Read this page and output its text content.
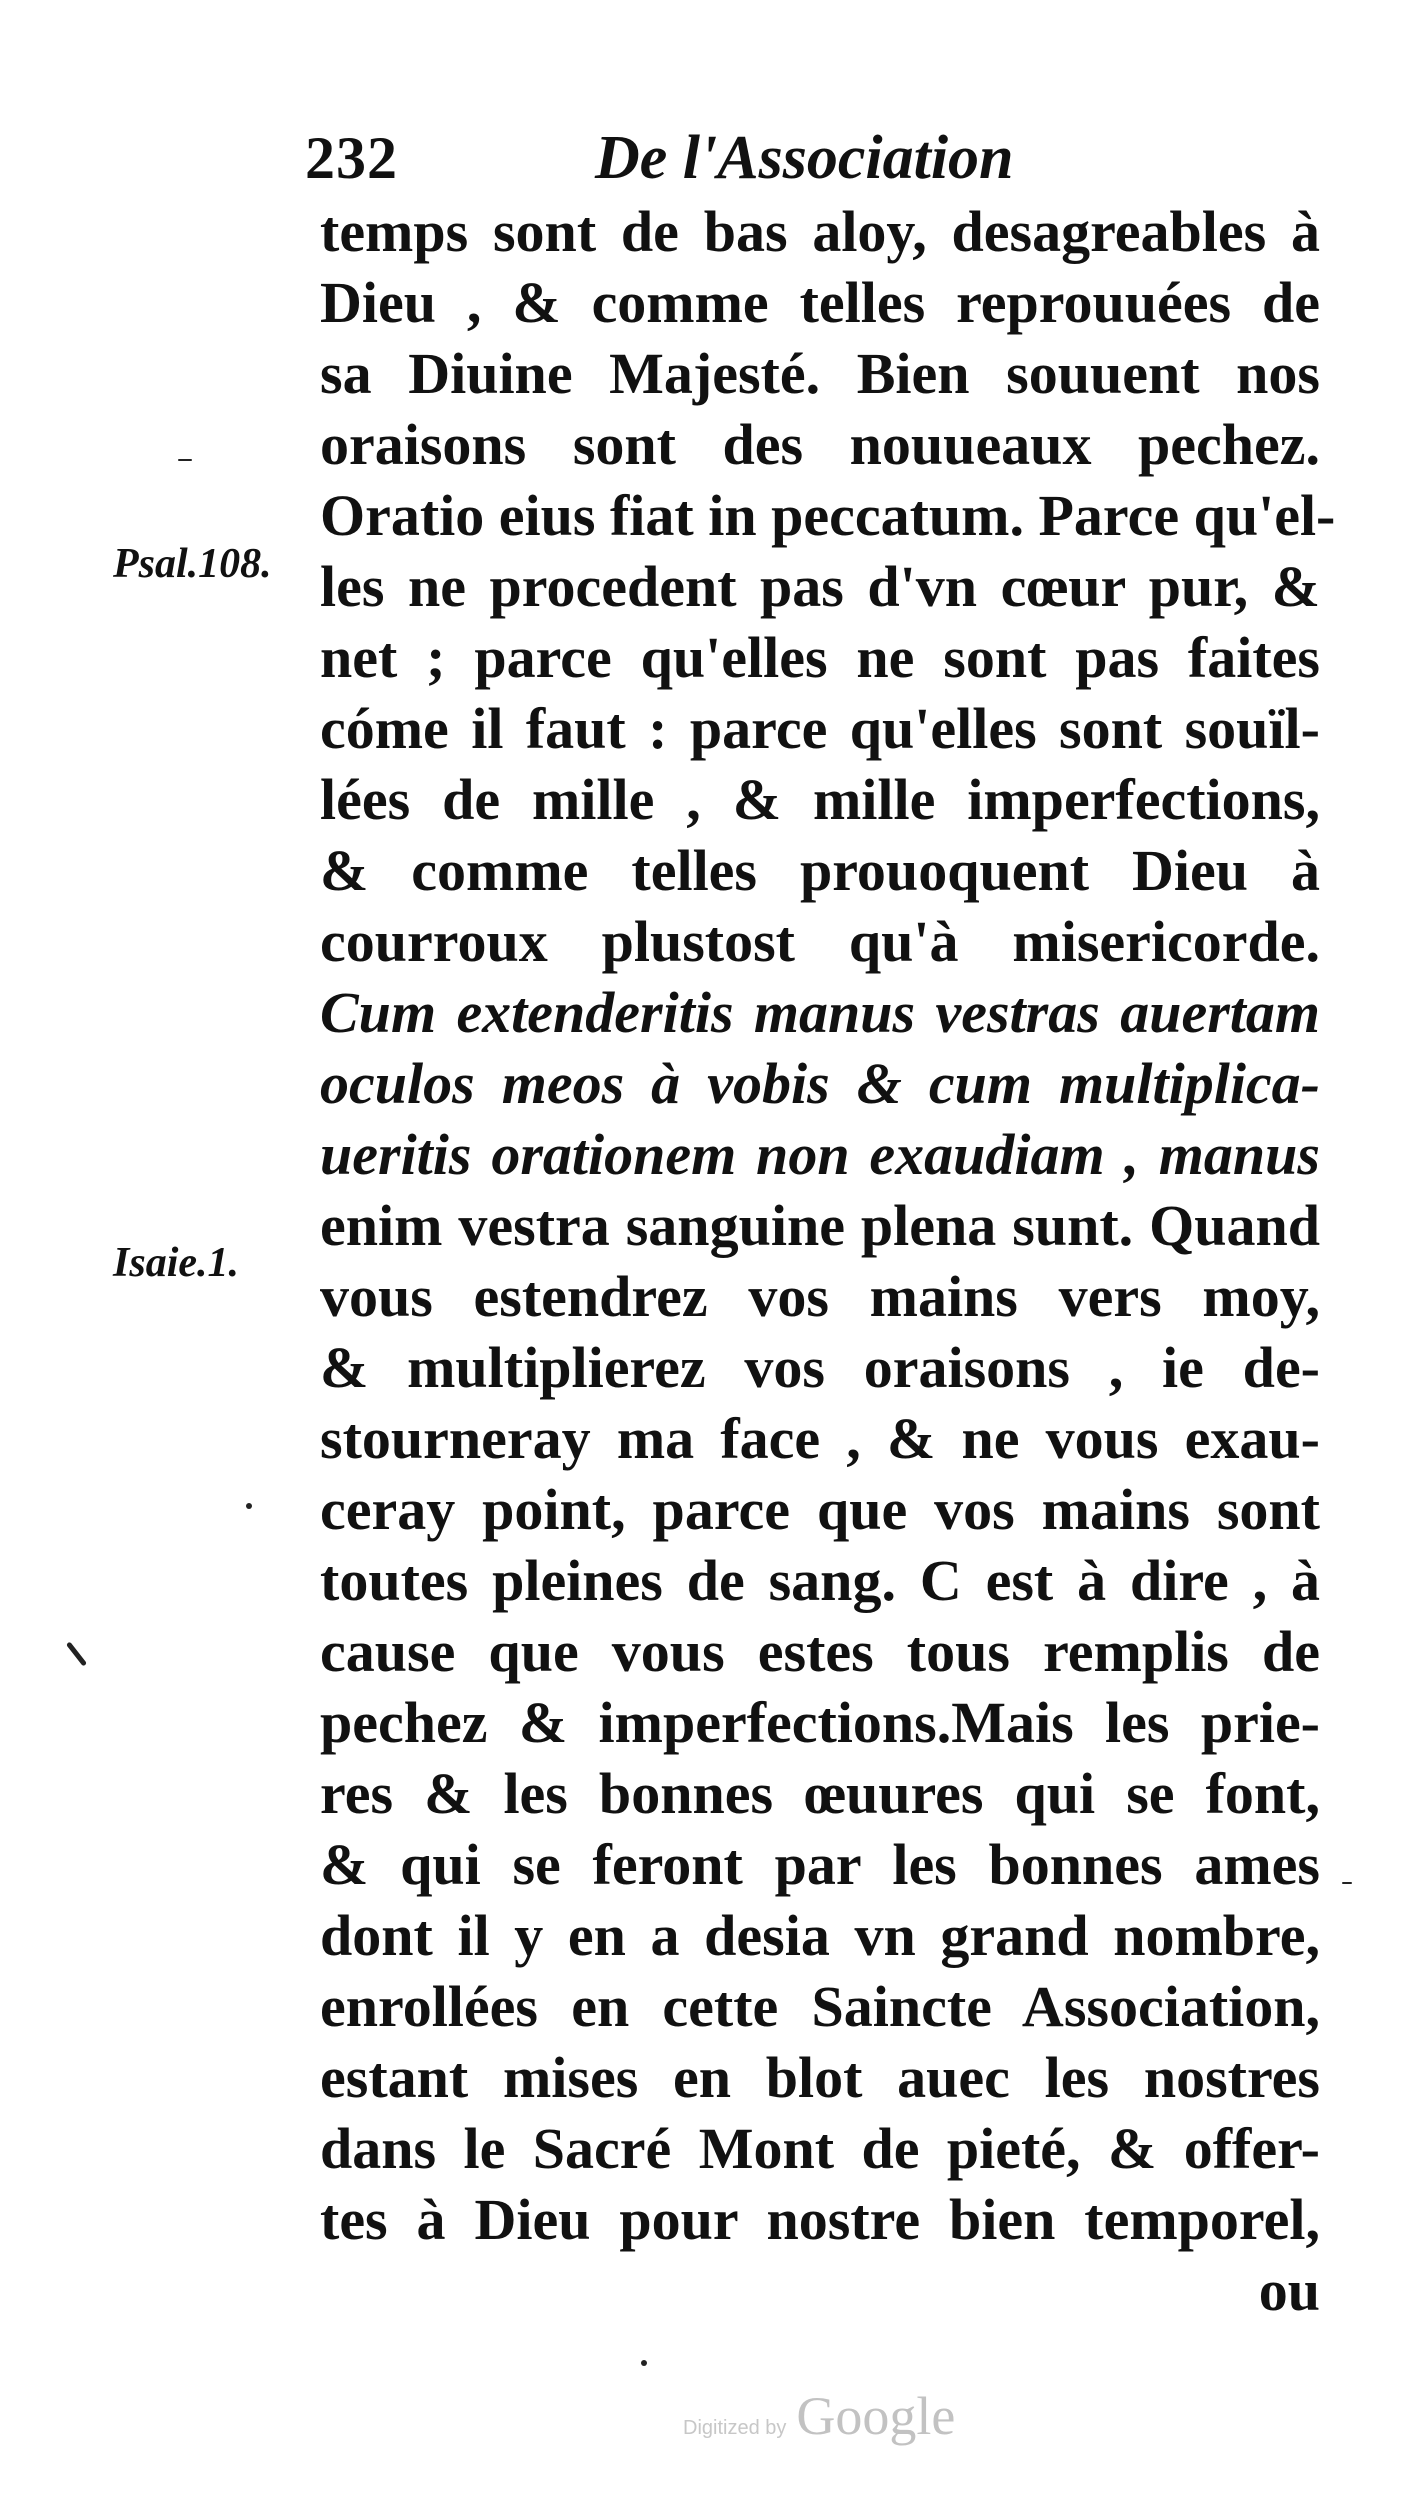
232	De l'Association
Psal.108.
Isaie.1.
temps sont de bas aloy, desagreables à
Dieu , & comme telles reprouuées de
sa Diuine Majesté. Bien souuent nos
oraisons sont des nouueaux pechez.
Oratio eius fiat in peccatum. Parce qu'el-
les ne procedent pas d'vn cœur pur, &
net ; parce qu'elles ne sont pas faites
cóme il faut : parce qu'elles sont souïl-
lées de mille , & mille imperfections,
& comme telles prouoquent Dieu à
courroux plustost qu'à misericorde.
Cum extenderitis manus vestras auertam
oculos meos à vobis & cum multiplica-
ueritis orationem non exaudiam , manus
enim vestra sanguine plena sunt. Quand
vous estendrez vos mains vers moy,
& multiplierez vos oraisons , ie de-
stourneray ma face , & ne vous exau-
ceray point, parce que vos mains sont
toutes pleines de sang. C est à dire , à
cause que vous estes tous remplis de
pechez & imperfections.Mais les prie-
res & les bonnes œuures qui se font,
& qui se feront par les bonnes ames
dont il y en a desia vn grand nombre,
enrollées en cette Saincte Association,
estant mises en blot auec les nostres
dans le Sacré Mont de pieté, & offer-
tes à Dieu pour nostre bien temporel,
ou
Digitized by Google
